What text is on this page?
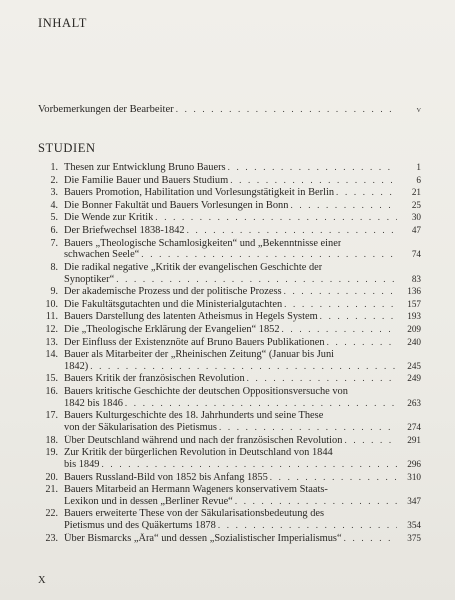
INHALT
Vorbemerkungen der Bearbeiter . . .	v
STUDIEN
1. Thesen zur Entwicklung Bruno Bauers . . .	1
2. Die Familie Bauer und Bauers Studium . . .	6
3. Bauers Promotion, Habilitation und Vorlesungstätigkeit in Berlin . . .	21
4. Die Bonner Fakultät und Bauers Vorlesungen in Bonn . . .	25
5. Die Wende zur Kritik . . .	30
6. Der Briefwechsel 1838-1842 . . .	47
7. Bauers „Theologische Schamlosigkeiten“ und „Bekenntnisse einer
schwachen Seele“ . . .	74
8. Die radikal negative „Kritik der evangelischen Geschichte der
Synoptiker“ . . .	83
9. Der akademische Prozess und der politische Prozess . . .	136
10. Die Fakultätsgutachten und die Ministerialgutachten . . .	157
11. Bauers Darstellung des latenten Atheismus in Hegels System . . .	193
12. Die „Theologische Erklärung der Evangelien“ 1852 . . .	209
13. Der Einfluss der Existenznöte auf Bruno Bauers Publikationen . . .	240
14. Bauer als Mitarbeiter der „Rheinischen Zeitung“ (Januar bis Juni
1842) . . .	245
15. Bauers Kritik der französischen Revolution . . .	249
16. Bauers kritische Geschichte der deutschen Oppositionsversuche von
1842 bis 1846 . . .	263
17. Bauers Kulturgeschichte des 18. Jahrhunderts und seine These
von der Säkularisation des Pietismus . . .	274
18. Über Deutschland während und nach der französischen Revolution . . .	291
19. Zur Kritik der bürgerlichen Revolution in Deutschland von 1844
bis 1849 . . .	296
20. Bauers Russland-Bild von 1852 bis Anfang 1855 . . .	310
21. Bauers Mitarbeid an Hermann Wageners konservativem Staats-
Lexikon und in dessen „Berliner Revue“ . . .	347
22. Bauers erweiterte These von der Säkularisationsbedeutung des
Pietismus und des Quäkertums 1878 . . .	354
23. Über Bismarcks „Ära“ und dessen „Sozialistischer Imperialismus“ . . .	375
X
